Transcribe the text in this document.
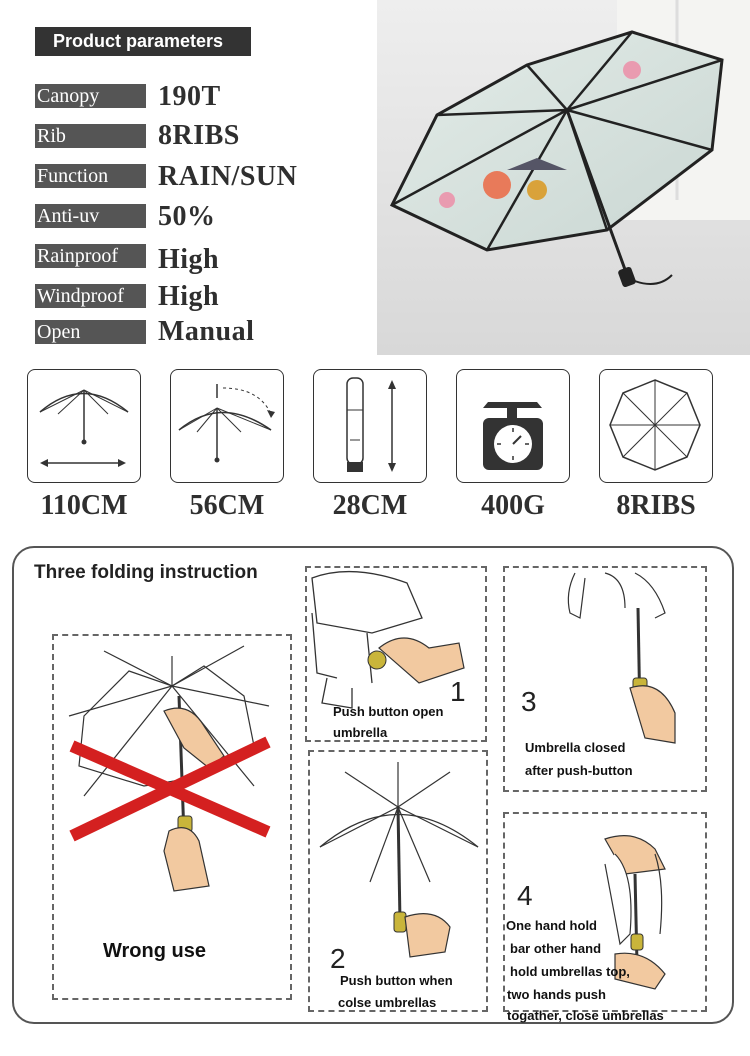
Product parameters
Canopy	190T
Rib	8RIBS
Function	RAIN/SUN
Anti-uv	50%
Rainproof	High
Windproof	High
Open	Manual
110CM	56CM	28CM	400G	8RIBS
Three folding instruction
Wrong use
1
Push button open
umbrella
2
Push button when
colse umbrellas
3
Umbrella closed
after push-button
4
One hand hold
bar other hand
hold umbrellas top,
two hands push
togather, close umbrellas
